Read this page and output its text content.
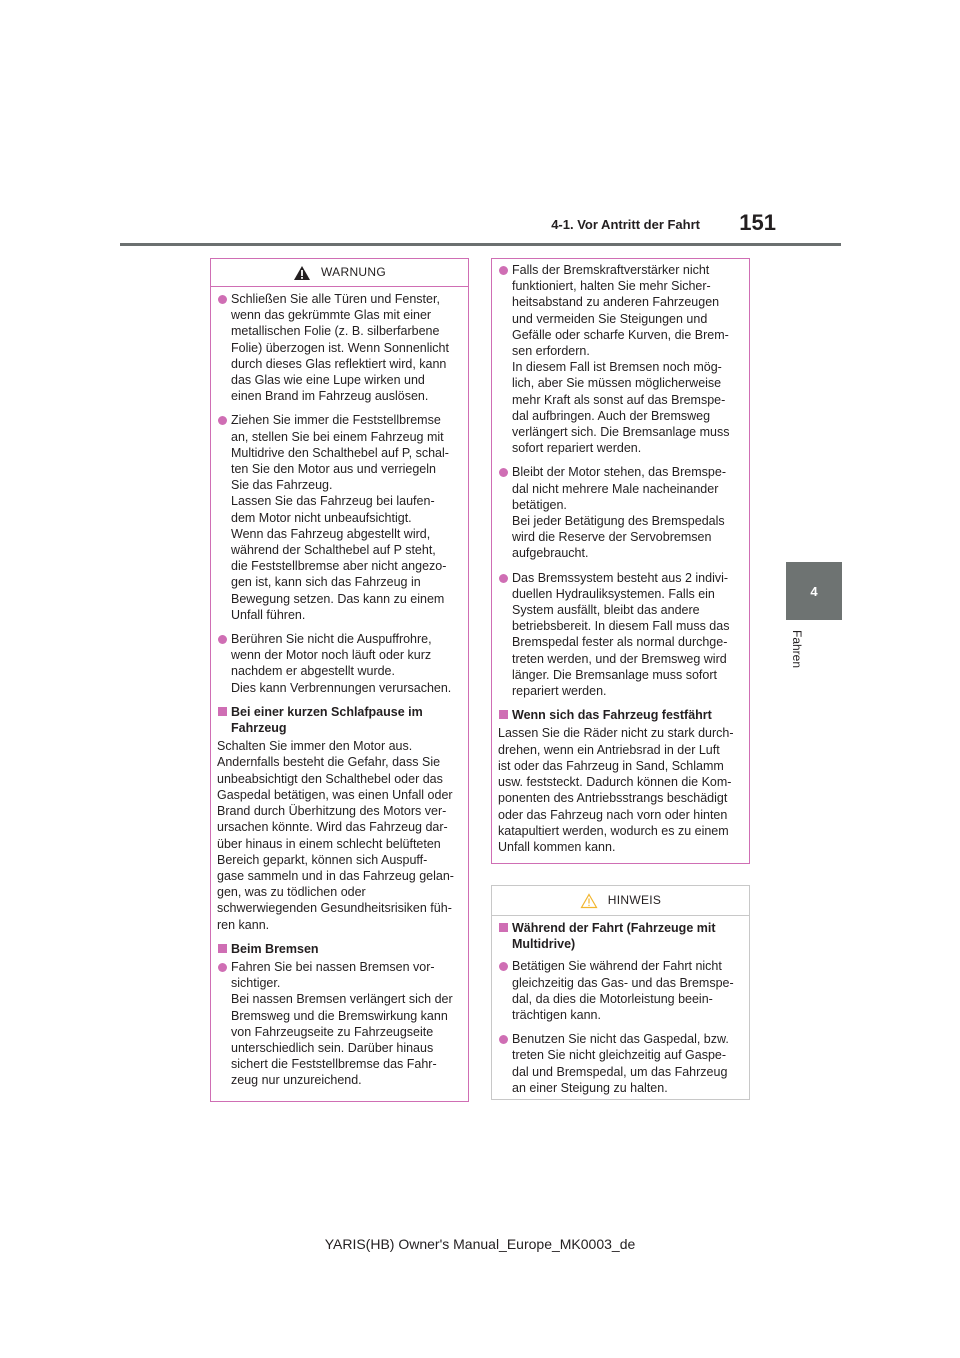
4-1. Vor Antritt der Fahrt	151
4
Fahren
WARNUNG
Schließen Sie alle Türen und Fenster,
wenn das gekrümmte Glas mit einer
metallischen Folie (z. B. silberfarbene
Folie) überzogen ist. Wenn Sonnenlicht
durch dieses Glas reflektiert wird, kann
das Glas wie eine Lupe wirken und
einen Brand im Fahrzeug auslösen.
Ziehen Sie immer die Feststellbremse
an, stellen Sie bei einem Fahrzeug mit
Multidrive den Schalthebel auf P, schal-
ten Sie den Motor aus und verriegeln
Sie das Fahrzeug.
Lassen Sie das Fahrzeug bei laufen-
dem Motor nicht unbeaufsichtigt.
Wenn das Fahrzeug abgestellt wird,
während der Schalthebel auf P steht,
die Feststellbremse aber nicht angezo-
gen ist, kann sich das Fahrzeug in
Bewegung setzen. Das kann zu einem
Unfall führen.
Berühren Sie nicht die Auspuffrohre,
wenn der Motor noch läuft oder kurz
nachdem er abgestellt wurde.
Dies kann Verbrennungen verursachen.
Bei einer kurzen Schlafpause im
Fahrzeug
Schalten Sie immer den Motor aus.
Andernfalls besteht die Gefahr, dass Sie
unbeabsichtigt den Schalthebel oder das
Gaspedal betätigen, was einen Unfall oder
Brand durch Überhitzung des Motors ver-
ursachen könnte. Wird das Fahrzeug dar-
über hinaus in einem schlecht belüfteten
Bereich geparkt, können sich Auspuff-
gase sammeln und in das Fahrzeug gelan-
gen, was zu tödlichen oder
schwerwiegenden Gesundheitsrisiken füh-
ren kann.
Beim Bremsen
Fahren Sie bei nassen Bremsen vor-
sichtiger.
Bei nassen Bremsen verlängert sich der
Bremsweg und die Bremswirkung kann
von Fahrzeugseite zu Fahrzeugseite
unterschiedlich sein. Darüber hinaus
sichert die Feststellbremse das Fahr-
zeug nur unzureichend.
Falls der Bremskraftverstärker nicht
funktioniert, halten Sie mehr Sicher-
heitsabstand zu anderen Fahrzeugen
und vermeiden Sie Steigungen und
Gefälle oder scharfe Kurven, die Brem-
sen erfordern.
In diesem Fall ist Bremsen noch mög-
lich, aber Sie müssen möglicherweise
mehr Kraft als sonst auf das Bremspe-
dal aufbringen. Auch der Bremsweg
verlängert sich. Die Bremsanlage muss
sofort repariert werden.
Bleibt der Motor stehen, das Bremspe-
dal nicht mehrere Male nacheinander
betätigen.
Bei jeder Betätigung des Bremspedals
wird die Reserve der Servobremsen
aufgebraucht.
Das Bremssystem besteht aus 2 indivi-
duellen Hydrauliksystemen. Falls ein
System ausfällt, bleibt das andere
betriebsbereit. In diesem Fall muss das
Bremspedal fester als normal durchge-
treten werden, und der Bremsweg wird
länger. Die Bremsanlage muss sofort
repariert werden.
Wenn sich das Fahrzeug festfährt
Lassen Sie die Räder nicht zu stark durch-
drehen, wenn ein Antriebsrad in der Luft
ist oder das Fahrzeug in Sand, Schlamm
usw. feststeckt. Dadurch können die Kom-
ponenten des Antriebsstrangs beschädigt
oder das Fahrzeug nach vorn oder hinten
katapultiert werden, wodurch es zu einem
Unfall kommen kann.
HINWEIS
Während der Fahrt (Fahrzeuge mit
Multidrive)
Betätigen Sie während der Fahrt nicht
gleichzeitig das Gas- und das Bremspe-
dal, da dies die Motorleistung beein-
trächtigen kann.
Benutzen Sie nicht das Gaspedal, bzw.
treten Sie nicht gleichzeitig auf Gaspe-
dal und Bremspedal, um das Fahrzeug
an einer Steigung zu halten.
YARIS(HB) Owner's Manual_Europe_MK0003_de
